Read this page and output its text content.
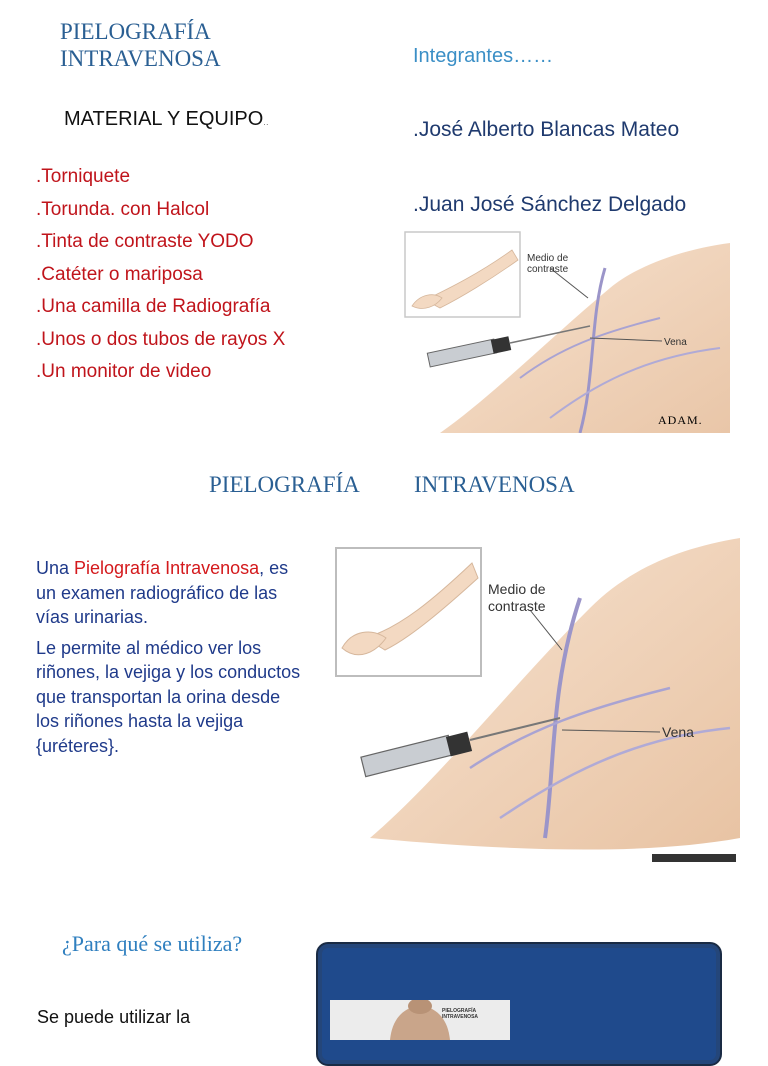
PIELOGRAFÍA
INTRAVENOSA	Integrantes……
MATERIAL Y EQUIPO..	.José Alberto Blancas Mateo
.Juan José Sánchez Delgado
.Torniquete
.Torunda. con Halcol
.Tinta de contraste YODO
.Catéter o mariposa
.Una camilla de Radiografía
.Unos o dos tubos de rayos X
.Un monitor de video
Medio de
contraste
Vena
ADAM.
PIELOGRAFÍA INTRAVENOSA

Una Pielografía Intravenosa, es un examen radiográfico de las vías urinarias.

Le permite al médico ver los riñones, la vejiga y los conductos que transportan la orina desde los riñones hasta la vejiga {uréteres}.

Medio de
contraste
Vena
¿Para qué se utiliza?
Se puede utilizar la	PIELOGRAFÍA INTRAVENOSA
